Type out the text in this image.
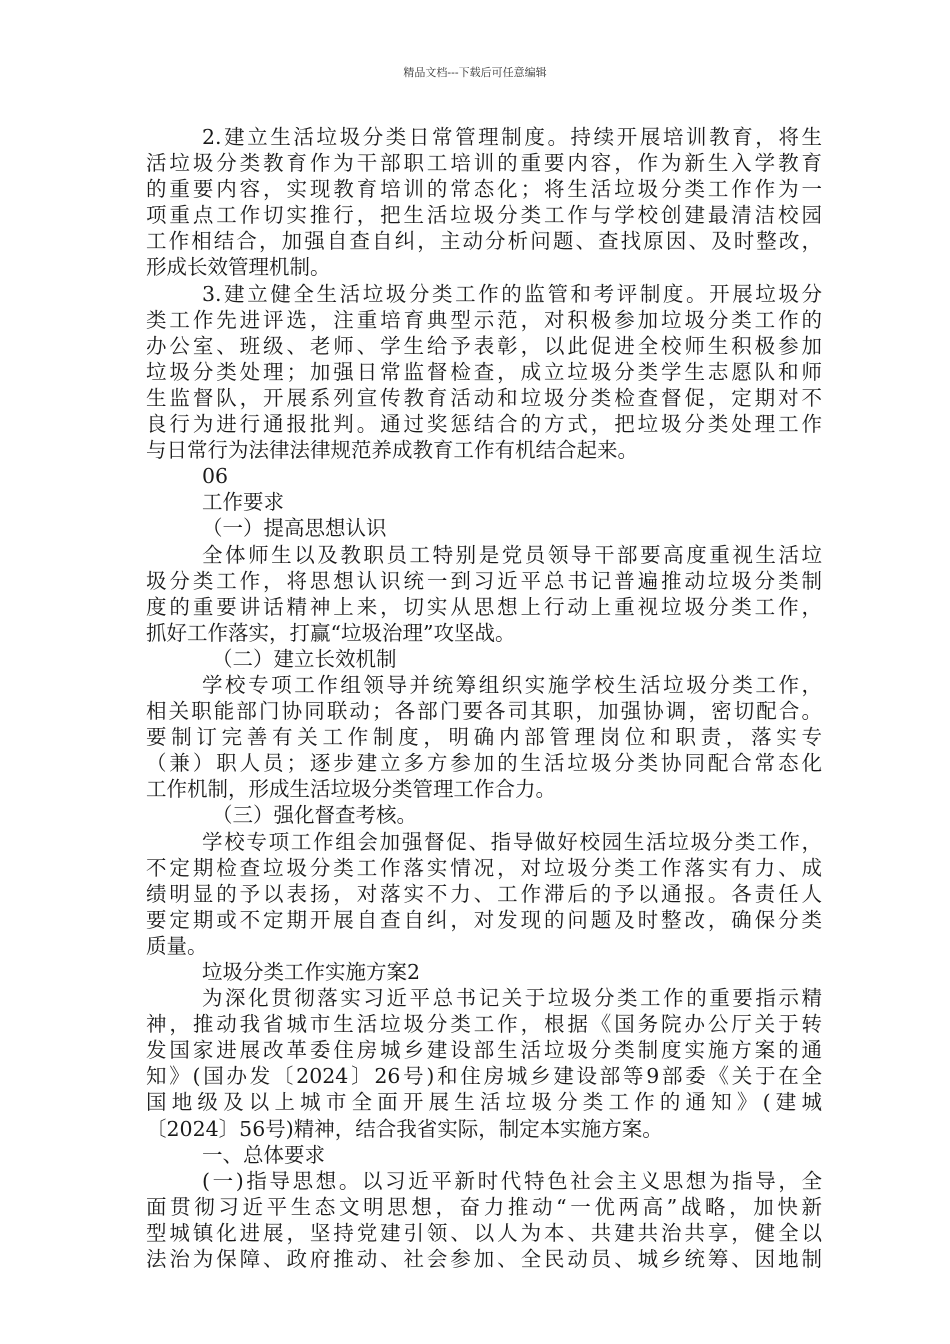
精品文档---下载后可任意编辑
2.建立生活垃圾分类日常管理制度。持续开展培训教育，将生
活垃圾分类教育作为干部职工培训的重要内容，作为新生入学教育
的重要内容，实现教育培训的常态化；将生活垃圾分类工作作为一
项重点工作切实推行，把生活垃圾分类工作与学校创建最清洁校园
工作相结合，加强自查自纠，主动分析问题、查找原因、及时整改，
形成长效管理机制。
3.建立健全生活垃圾分类工作的监管和考评制度。开展垃圾分
类工作先进评选，注重培育典型示范，对积极参加垃圾分类工作的
办公室、班级、老师、学生给予表彰，以此促进全校师生积极参加
垃圾分类处理；加强日常监督检查，成立垃圾分类学生志愿队和师
生监督队，开展系列宣传教育活动和垃圾分类检查督促，定期对不
良行为进行通报批判。通过奖惩结合的方式，把垃圾分类处理工作
与日常行为法律法律规范养成教育工作有机结合起来。
06
工作要求
（一）提高思想认识
全体师生以及教职员工特别是党员领导干部要高度重视生活垃
圾分类工作，将思想认识统一到习近平总书记普遍推动垃圾分类制
度的重要讲话精神上来，切实从思想上行动上重视垃圾分类工作，
抓好工作落实，打赢“垃圾治理”攻坚战。
（二）建立长效机制
学校专项工作组领导并统筹组织实施学校生活垃圾分类工作，
相关职能部门协同联动；各部门要各司其职，加强协调，密切配合。
要制订完善有关工作制度，明确内部管理岗位和职责，落实专
（兼）职人员；逐步建立多方参加的生活垃圾分类协同配合常态化
工作机制，形成生活垃圾分类管理工作合力。
（三）强化督查考核。
学校专项工作组会加强督促、指导做好校园生活垃圾分类工作，
不定期检查垃圾分类工作落实情况，对垃圾分类工作落实有力、成
绩明显的予以表扬，对落实不力、工作滞后的予以通报。各责任人
要定期或不定期开展自查自纠，对发现的问题及时整改，确保分类
质量。
垃圾分类工作实施方案2
为深化贯彻落实习近平总书记关于垃圾分类工作的重要指示精
神，推动我省城市生活垃圾分类工作，根据《国务院办公厅关于转
发国家进展改革委住房城乡建设部生活垃圾分类制度实施方案的通
知》(国办发〔2024〕26号)和住房城乡建设部等9部委《关于在全
国地级及以上城市全面开展生活垃圾分类工作的通知》(建城
〔2024〕56号)精神，结合我省实际，制定本实施方案。
一、总体要求
(一)指导思想。以习近平新时代特色社会主义思想为指导，全
面贯彻习近平生态文明思想，奋力推动“一优两高”战略，加快新
型城镇化进展，坚持党建引领、以人为本、共建共治共享，健全以
法治为保障、政府推动、社会参加、全民动员、城乡统筹、因地制
